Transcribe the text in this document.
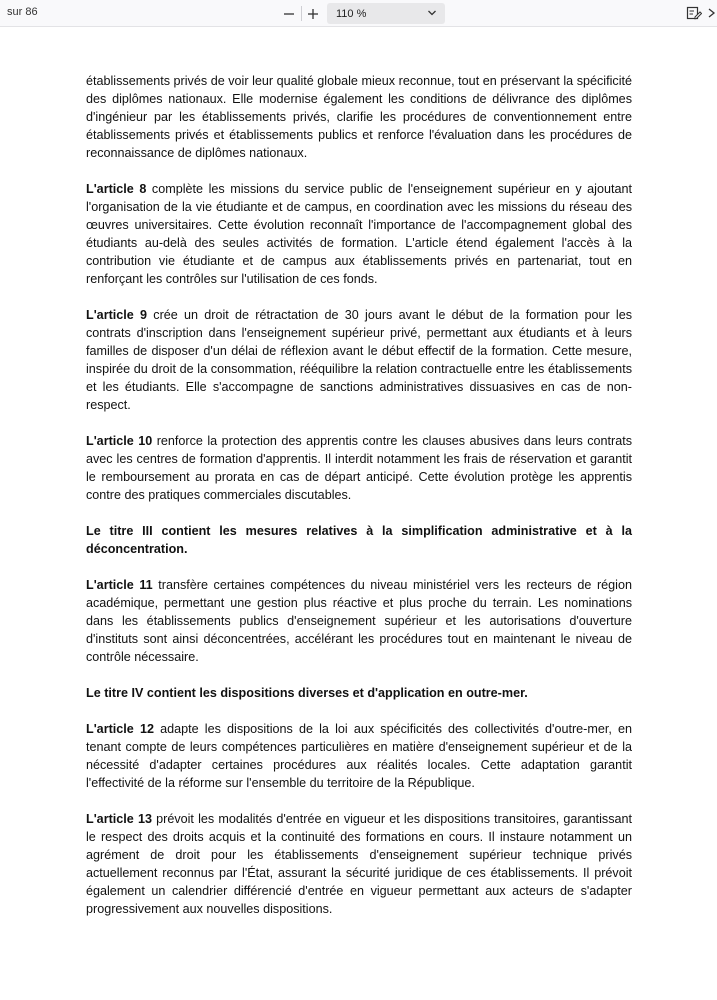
sur 86	110 %

établissements privés de voir leur qualité globale mieux reconnue, tout en préservant la spécificité des diplômes nationaux. Elle modernise également les conditions de délivrance des diplômes d'ingénieur par les établissements privés, clarifie les procédures de conventionnement entre établissements privés et établissements publics et renforce l'évaluation dans les procédures de reconnaissance de diplômes nationaux.

L'article 8 complète les missions du service public de l'enseignement supérieur en y ajoutant l'organisation de la vie étudiante et de campus, en coordination avec les missions du réseau des œuvres universitaires. Cette évolution reconnaît l'importance de l'accompagnement global des étudiants au-delà des seules activités de formation. L'article étend également l'accès à la contribution vie étudiante et de campus aux établissements privés en partenariat, tout en renforçant les contrôles sur l'utilisation de ces fonds.

L'article 9 crée un droit de rétractation de 30 jours avant le début de la formation pour les contrats d'inscription dans l'enseignement supérieur privé, permettant aux étudiants et à leurs familles de disposer d'un délai de réflexion avant le début effectif de la formation. Cette mesure, inspirée du droit de la consommation, rééquilibre la relation contractuelle entre les établissements et les étudiants. Elle s'accompagne de sanctions administratives dissuasives en cas de non-respect.

L'article 10 renforce la protection des apprentis contre les clauses abusives dans leurs contrats avec les centres de formation d'apprentis. Il interdit notamment les frais de réservation et garantit le remboursement au prorata en cas de départ anticipé. Cette évolution protège les apprentis contre des pratiques commerciales discutables.

Le titre III contient les mesures relatives à la simplification administrative et à la déconcentration.

L'article 11 transfère certaines compétences du niveau ministériel vers les recteurs de région académique, permettant une gestion plus réactive et plus proche du terrain. Les nominations dans les établissements publics d'enseignement supérieur et les autorisations d'ouverture d'instituts sont ainsi déconcentrées, accélérant les procédures tout en maintenant le niveau de contrôle nécessaire.

Le titre IV contient les dispositions diverses et d'application en outre-mer.

L'article 12 adapte les dispositions de la loi aux spécificités des collectivités d'outre-mer, en tenant compte de leurs compétences particulières en matière d'enseignement supérieur et de la nécessité d'adapter certaines procédures aux réalités locales. Cette adaptation garantit l'effectivité de la réforme sur l'ensemble du territoire de la République.

L'article 13 prévoit les modalités d'entrée en vigueur et les dispositions transitoires, garantissant le respect des droits acquis et la continuité des formations en cours. Il instaure notamment un agrément de droit pour les établissements d'enseignement supérieur technique privés actuellement reconnus par l'État, assurant la sécurité juridique de ces établissements. Il prévoit également un calendrier différencié d'entrée en vigueur permettant aux acteurs de s'adapter progressivement aux nouvelles dispositions.
